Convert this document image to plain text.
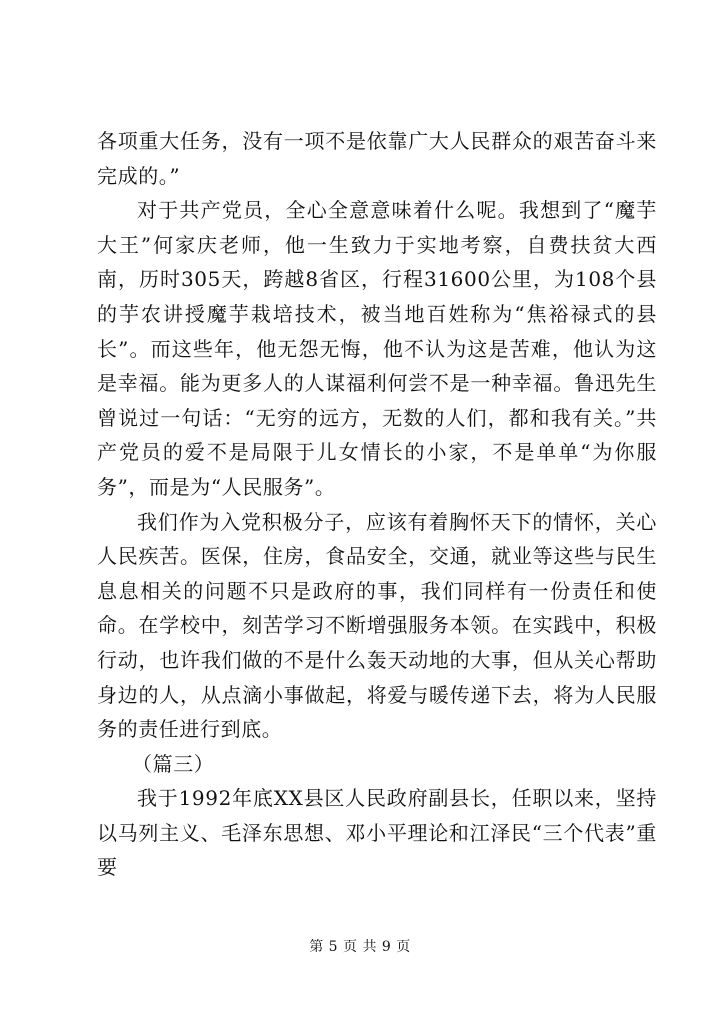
各项重大任务，没有一项不是依靠广大人民群众的艰苦奋斗来完成的。”

对于共产党员，全心全意意味着什么呢。我想到了“魔芋大王”何家庆老师，他一生致力于实地考察，自费扶贫大西南，历时305天，跨越8省区，行程31600公里，为108个县的芋农讲授魔芋栽培技术，被当地百姓称为“焦裕禄式的县长”。而这些年，他无怨无悔，他不认为这是苦难，他认为这是幸福。能为更多人的人谋福利何尝不是一种幸福。鲁迅先生曾说过一句话：“无穷的远方，无数的人们，都和我有关。”共产党员的爱不是局限于儿女情长的小家，不是单单“为你服务”，而是为“人民服务”。

我们作为入党积极分子，应该有着胸怀天下的情怀，关心人民疾苦。医保，住房，食品安全，交通，就业等这些与民生息息相关的问题不只是政府的事，我们同样有一份责任和使命。在学校中，刻苦学习不断增强服务本领。在实践中，积极行动，也许我们做的不是什么轰天动地的大事，但从关心帮助身边的人，从点滴小事做起，将爱与暖传递下去，将为人民服务的责任进行到底。

（篇三）

我于1992年底XX县区人民政府副县长，任职以来，坚持以马列主义、毛泽东思想、邓小平理论和江泽民“三个代表”重要

第 5 页 共 9 页
